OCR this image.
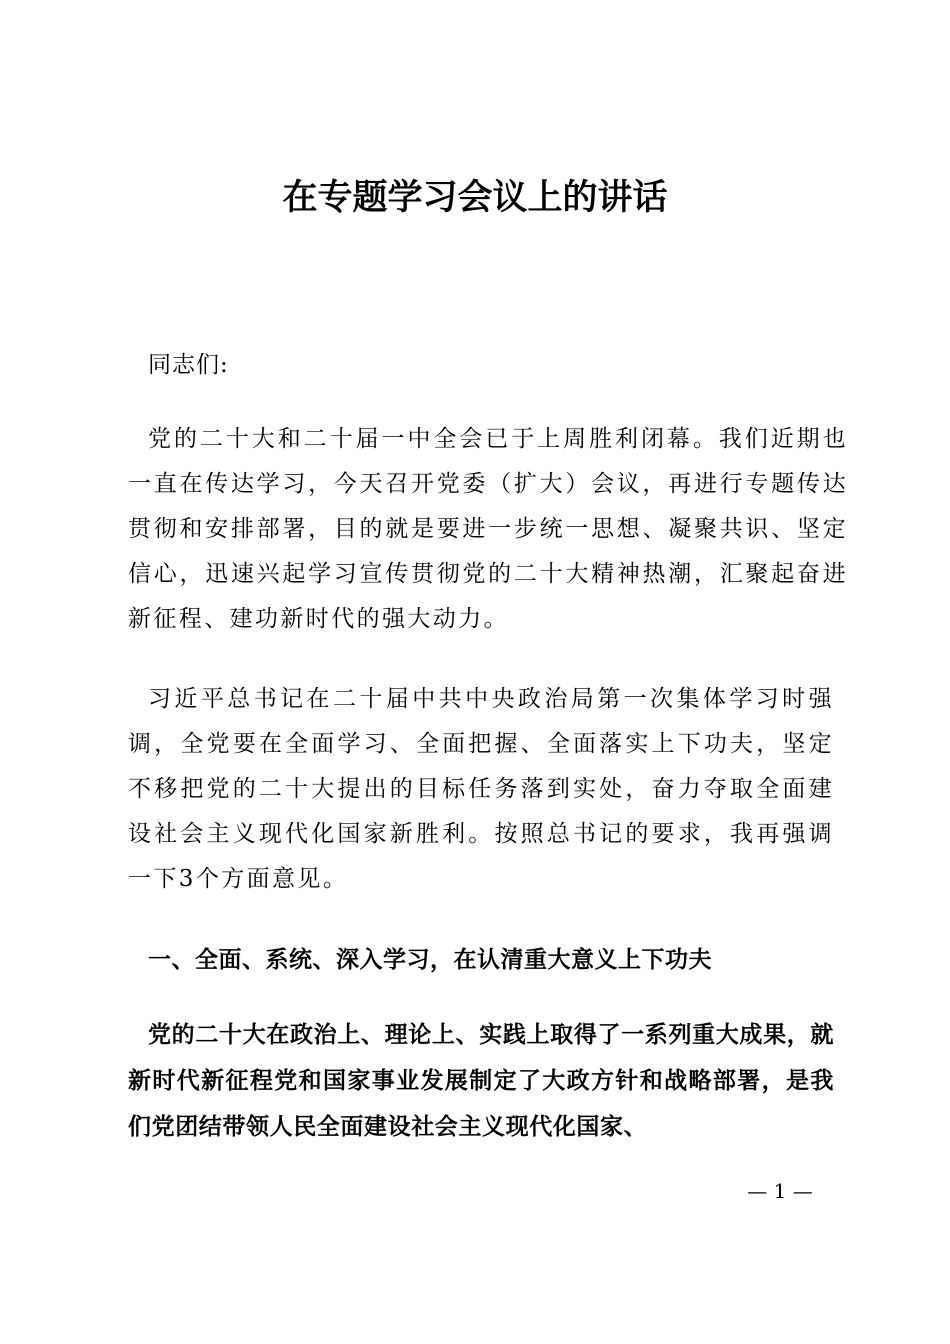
在专题学习会议上的讲话

同志们:

党的二十大和二十届一中全会已于上周胜利闭幕。我们近期也一直在传达学习，今天召开党委（扩大）会议，再进行专题传达贯彻和安排部署，目的就是要进一步统一思想、凝聚共识、坚定信心，迅速兴起学习宣传贯彻党的二十大精神热潮，汇聚起奋进新征程、建功新时代的强大动力。

习近平总书记在二十届中共中央政治局第一次集体学习时强调，全党要在全面学习、全面把握、全面落实上下功夫，坚定不移把党的二十大提出的目标任务落到实处，奋力夺取全面建设社会主义现代化国家新胜利。按照总书记的要求，我再强调一下3个方面意见。

一、全面、系统、深入学习，在认清重大意义上下功夫

党的二十大在政治上、理论上、实践上取得了一系列重大成果，就新时代新征程党和国家事业发展制定了大政方针和战略部署，是我们党团结带领人民全面建设社会主义现代化国家、

— 1 —
